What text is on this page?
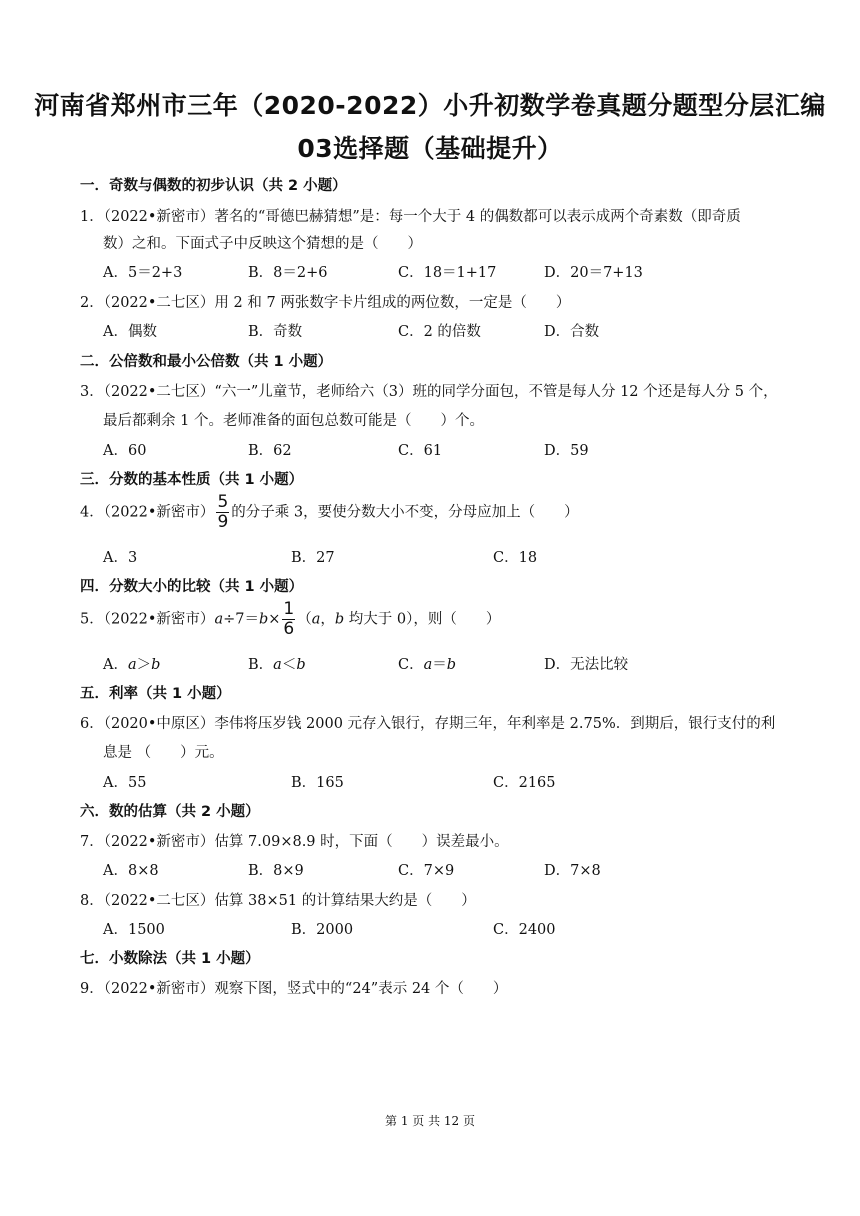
河南省郑州市三年（2020-2022）小升初数学卷真题分题型分层汇编
03选择题（基础提升）
一．奇数与偶数的初步认识（共 2 小题）
1．（2022•新密市）著名的“哥德巴赫猜想”是：每一个大于 4 的偶数都可以表示成两个奇素数（即奇质
数）之和。下面式子中反映这个猜想的是（　　）
A．5＝2+3	B．8＝2+6	C．18＝1+17	D．20＝7+13
2．（2022•二七区）用 2 和 7 两张数字卡片组成的两位数，一定是（　　）
A．偶数	B．奇数	C．2 的倍数	D．合数
二．公倍数和最小公倍数（共 1 小题）
3．（2022•二七区）“六一”儿童节，老师给六（3）班的同学分面包，不管是每人分 12 个还是每人分 5 个，
最后都剩余 1 个。老师准备的面包总数可能是（　　）个。
A．60	B．62	C．61	D．59
三．分数的基本性质（共 1 小题）
4．（2022•新密市） $\frac{5}{9}$ 的分子乘 3，要使分数大小不变，分母应加上（　　）
A．3	B．27	C．18
四．分数大小的比较（共 1 小题）
5．（2022•新密市）$a\div 7=b\times \frac{1}{6} (a$，b 均大于 0），则（　　）
A．a＞b	B．a＜b	C．a＝b	D．无法比较
五．利率（共 1 小题）
6．（2020•中原区）李伟将压岁钱 2000 元存入银行，存期三年，年利率是 2.75%．到期后，银行支付的利
息是 （　　）元。
A．55	B．165	C．2165
六．数的估算（共 2 小题）
7．（2022•新密市）估算 7.09×8.9 时，下面（　　）误差最小。
A．8×8	B．8×9	C．7×9	D．7×8
8．（2022•二七区）估算 38×51 的计算结果大约是（　　）
A．1500	B．2000	C．2400
七．小数除法（共 1 小题）
9．（2022•新密市）观察下图，竖式中的“24”表示 24 个（　　）
第 1 页 共 12 页
